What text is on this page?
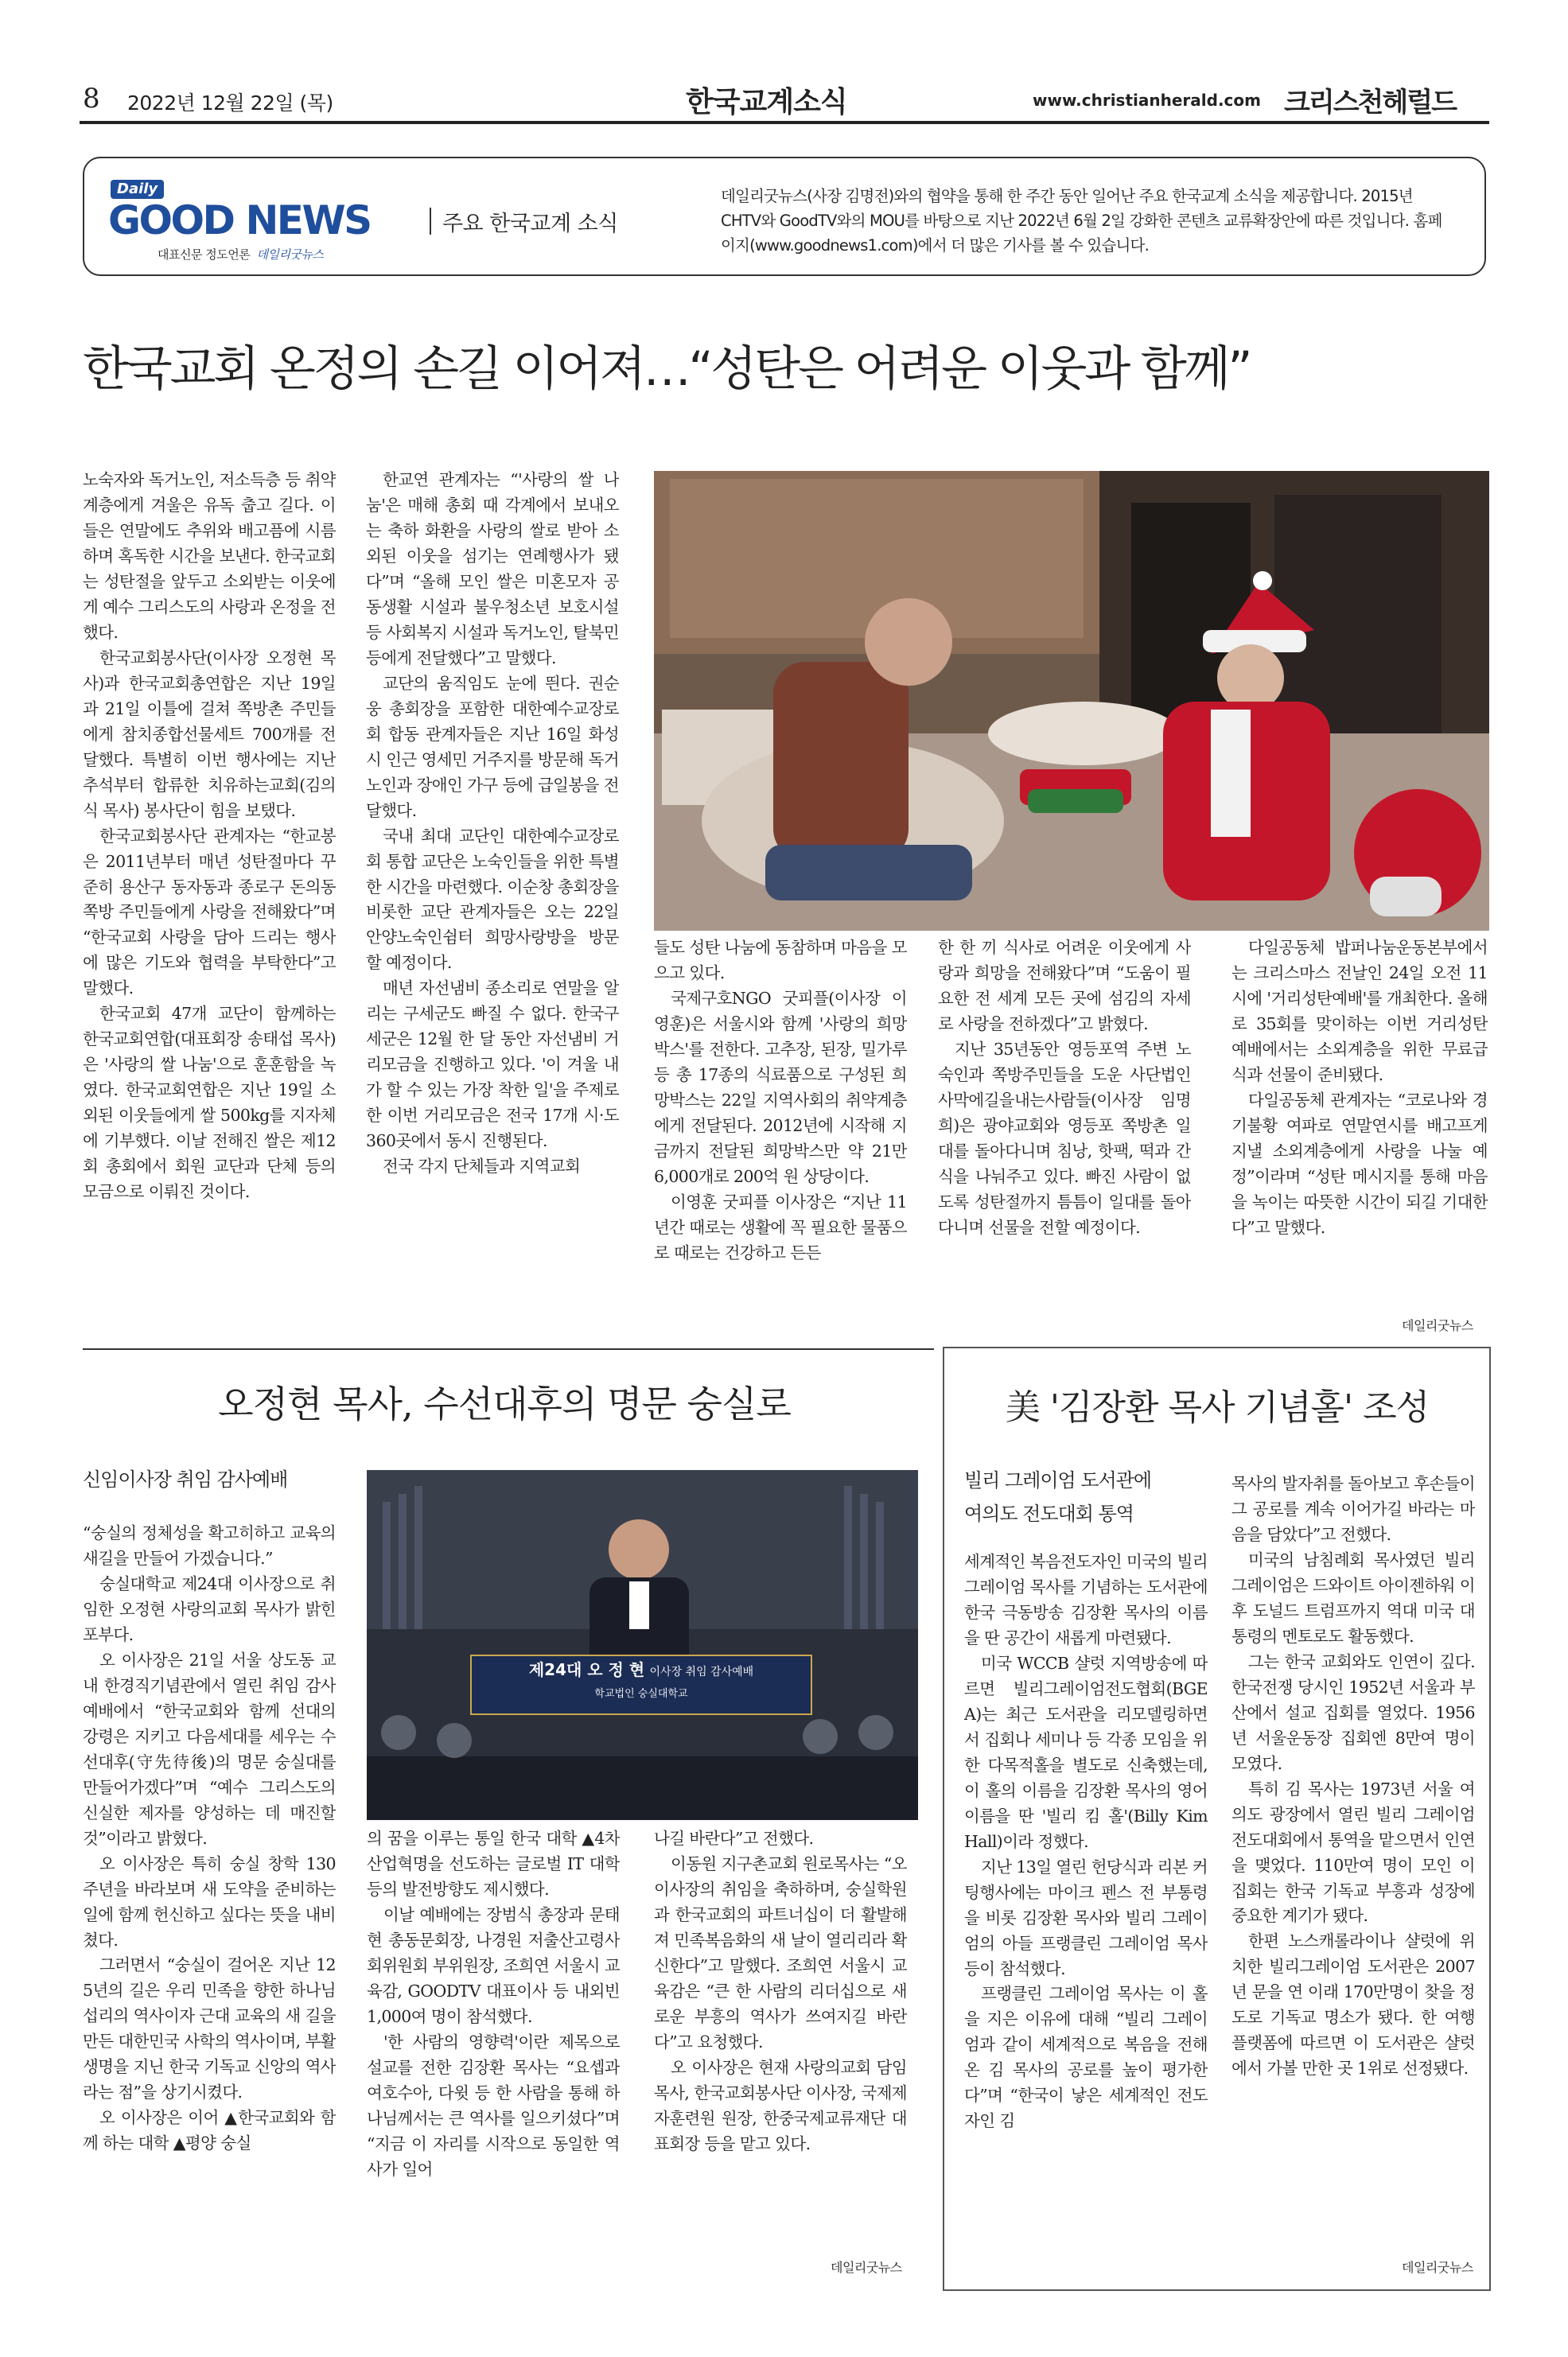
8 2022년 12월 22일 (목)	한국교계소식	www.christianherald.com 크리스천헤럴드
Daily
GOOD NEWS
대표신문 정도언론 데일리굿뉴스
주요 한국교계 소식
데일리굿뉴스(사장 김명전)와의 협약을 통해 한 주간 동안 일어난 주요 한국교계 소식을 제공합니다. 2015년 CHTV와 GoodTV와의 MOU를 바탕으로 지난 2022년 6월 2일 강화한 콘텐츠 교류확장안에 따른 것입니다. 홈페이지(www.goodnews1.com)에서 더 많은 기사를 볼 수 있습니다.
한국교회 온정의 손길 이어져…“성탄은 어려운 이웃과 함께”

노숙자와 독거노인, 저소득층 등 취약계층에게 겨울은 유독 춥고 길다. 이들은 연말에도 추위와 배고픔에 시름하며 혹독한 시간을 보낸다. 한국교회는 성탄절을 앞두고 소외받는 이웃에게 예수 그리스도의 사랑과 온정을 전했다.

한국교회봉사단(이사장 오정현 목사)과 한국교회총연합은 지난 19일과 21일 이틀에 걸쳐 쪽방촌 주민들에게 참치종합선물세트 700개를 전달했다. 특별히 이번 행사에는 지난 추석부터 합류한 치유하는교회(김의식 목사) 봉사단이 힘을 보탰다.

한국교회봉사단 관계자는 “한교봉은 2011년부터 매년 성탄절마다 꾸준히 용산구 동자동과 종로구 돈의동 쪽방 주민들에게 사랑을 전해왔다”며 “한국교회 사랑을 담아 드리는 행사에 많은 기도와 협력을 부탁한다”고 말했다.

한국교회 47개 교단이 함께하는 한국교회연합(대표회장 송태섭 목사)은 '사랑의 쌀 나눔'으로 훈훈함을 녹였다. 한국교회연합은 지난 19일 소외된 이웃들에게 쌀 500kg를 지자체에 기부했다. 이날 전해진 쌀은 제12회 총회에서 회원 교단과 단체 등의 모금으로 이뤄진 것이다.

한교연 관계자는 “'사랑의 쌀 나눔'은 매해 총회 때 각계에서 보내오는 축하 화환을 사랑의 쌀로 받아 소외된 이웃을 섬기는 연례행사가 됐다”며 “올해 모인 쌀은 미혼모자 공동생활 시설과 불우청소년 보호시설 등 사회복지 시설과 독거노인, 탈북민 등에게 전달했다”고 말했다.

교단의 움직임도 눈에 띈다. 권순웅 총회장을 포함한 대한예수교장로회 합동 관계자들은 지난 16일 화성시 인근 영세민 거주지를 방문해 독거노인과 장애인 가구 등에 급일봉을 전달했다.

국내 최대 교단인 대한예수교장로회 통합 교단은 노숙인들을 위한 특별한 시간을 마련했다. 이순창 총회장을 비롯한 교단 관계자들은 오는 22일 안양노숙인쉼터 희망사랑방을 방문할 예정이다.

매년 자선냄비 종소리로 연말을 알리는 구세군도 빠질 수 없다. 한국구세군은 12월 한 달 동안 자선냄비 거리모금을 진행하고 있다. '이 겨울 내가 할 수 있는 가장 착한 일'을 주제로 한 이번 거리모금은 전국 17개 시·도 360곳에서 동시 진행된다.

전국 각지 단체들과 지역교회

들도 성탄 나눔에 동참하며 마음을 모으고 있다.

국제구호NGO 굿피플(이사장 이영훈)은 서울시와 함께 '사랑의 희망박스'를 전한다. 고추장, 된장, 밀가루 등 총 17종의 식료품으로 구성된 희망박스는 22일 지역사회의 취약계층에게 전달된다. 2012년에 시작해 지금까지 전달된 희망박스만 약 21만 6,000개로 200억 원 상당이다.

이영훈 굿피플 이사장은 “지난 11년간 때로는 생활에 꼭 필요한 물품으로 때로는 건강하고 든든

한 한 끼 식사로 어려운 이웃에게 사랑과 희망을 전해왔다”며 “도움이 필요한 전 세계 모든 곳에 섬김의 자세로 사랑을 전하겠다”고 밝혔다.

지난 35년동안 영등포역 주변 노숙인과 쪽방주민들을 도운 사단법인 사막에길을내는사람들(이사장 임명희)은 광야교회와 영등포 쪽방촌 일대를 돌아다니며 침낭, 핫팩, 떡과 간식을 나눠주고 있다. 빠진 사람이 없도록 성탄절까지 틈틈이 일대를 돌아다니며 선물을 전할 예정이다.

다일공동체 밥퍼나눔운동본부에서는 크리스마스 전날인 24일 오전 11시에 '거리성탄예배'를 개최한다. 올해로 35회를 맞이하는 이번 거리성탄 예배에서는 소외계층을 위한 무료급식과 선물이 준비됐다.

다일공동체 관계자는 “코로나와 경기불황 여파로 연말연시를 배고프게 지낼 소외계층에게 사랑을 나눌 예정”이라며 “성탄 메시지를 통해 마음을 녹이는 따뜻한 시간이 되길 기대한다”고 말했다.

데일리굿뉴스
오정현 목사, 수선대후의 명문 숭실로
신임이사장 취임 감사예배

“숭실의 정체성을 확고히하고 교육의 새길을 만들어 가겠습니다.”

숭실대학교 제24대 이사장으로 취임한 오정현 사랑의교회 목사가 밝힌 포부다.

오 이사장은 21일 서울 상도동 교내 한경직기념관에서 열린 취임 감사예배에서 “한국교회와 함께 선대의 강령은 지키고 다음세대를 세우는 수선대후(守先待後)의 명문 숭실대를 만들어가겠다”며 “예수 그리스도의 신실한 제자를 양성하는 데 매진할 것”이라고 밝혔다.

오 이사장은 특히 숭실 창학 130주년을 바라보며 새 도약을 준비하는 일에 함께 헌신하고 싶다는 뜻을 내비쳤다.

그러면서 “숭실이 걸어온 지난 125년의 길은 우리 민족을 향한 하나님 섭리의 역사이자 근대 교육의 새 길을 만든 대한민국 사학의 역사이며, 부활생명을 지닌 한국 기독교 신앙의 역사라는 점”을 상기시켰다.

오 이사장은 이어 ▲한국교회와 함께 하는 대학 ▲평양 숭실

제24대 오 정 현 이사장 취임 감사예배
학교법인 숭실대학교

의 꿈을 이루는 통일 한국 대학 ▲4차산업혁명을 선도하는 글로벌 IT 대학 등의 발전방향도 제시했다.

이날 예배에는 장범식 총장과 문태현 총동문회장, 나경원 저출산고령사회위원회 부위원장, 조희연 서울시 교육감, GOODTV 대표이사 등 내외빈 1,000여 명이 참석했다.

'한 사람의 영향력'이란 제목으로 설교를 전한 김장환 목사는 “요셉과 여호수아, 다윗 등 한 사람을 통해 하나님께서는 큰 역사를 일으키셨다”며 “지금 이 자리를 시작으로 동일한 역사가 일어

나길 바란다”고 전했다.

이동원 지구촌교회 원로목사는 “오 이사장의 취임을 축하하며, 숭실학원과 한국교회의 파트너십이 더 활발해져 민족복음화의 새 날이 열리리라 확신한다”고 말했다. 조희연 서울시 교육감은 “큰 한 사람의 리더십으로 새로운 부흥의 역사가 쓰여지길 바란다”고 요청했다.

오 이사장은 현재 사랑의교회 담임목사, 한국교회봉사단 이사장, 국제제자훈련원 원장, 한중국제교류재단 대표회장 등을 맡고 있다.

데일리굿뉴스
美 '김장환 목사 기념홀' 조성
빌리 그레이엄 도서관에
여의도 전도대회 통역

세계적인 복음전도자인 미국의 빌리 그레이엄 목사를 기념하는 도서관에 한국 극동방송 김장환 목사의 이름을 딴 공간이 새롭게 마련됐다.

미국 WCCB 샬럿 지역방송에 따르면 빌리그레이엄전도협회(BGEA)는 최근 도서관을 리모델링하면서 집회나 세미나 등 각종 모임을 위한 다목적홀을 별도로 신축했는데, 이 홀의 이름을 김장환 목사의 영어 이름을 딴 '빌리 킴 홀'(Billy Kim Hall)이라 정했다.

지난 13일 열린 헌당식과 리본 커팅행사에는 마이크 펜스 전 부통령을 비롯 김장환 목사와 빌리 그레이엄의 아들 프랭클린 그레이엄 목사 등이 참석했다.

프랭클린 그레이엄 목사는 이 홀을 지은 이유에 대해 “빌리 그레이엄과 같이 세계적으로 복음을 전해온 김 목사의 공로를 높이 평가한다”며 “한국이 낳은 세계적인 전도자인 김

목사의 발자취를 돌아보고 후손들이 그 공로를 계속 이어가길 바라는 마음을 담았다”고 전했다.

미국의 남침례회 목사였던 빌리 그레이엄은 드와이트 아이젠하워 이후 도널드 트럼프까지 역대 미국 대통령의 멘토로도 활동했다.

그는 한국 교회와도 인연이 깊다. 한국전쟁 당시인 1952년 서울과 부산에서 설교 집회를 열었다. 1956년 서울운동장 집회엔 8만여 명이 모였다.

특히 김 목사는 1973년 서울 여의도 광장에서 열린 빌리 그레이엄 전도대회에서 통역을 맡으면서 인연을 맺었다. 110만여 명이 모인 이 집회는 한국 기독교 부흥과 성장에 중요한 계기가 됐다.

한편 노스캐롤라이나 샬럿에 위치한 빌리그레이엄 도서관은 2007년 문을 연 이래 170만명이 찾을 정도로 기독교 명소가 됐다. 한 여행 플랫폼에 따르면 이 도서관은 샬럿에서 가볼 만한 곳 1위로 선정됐다.

데일리굿뉴스
